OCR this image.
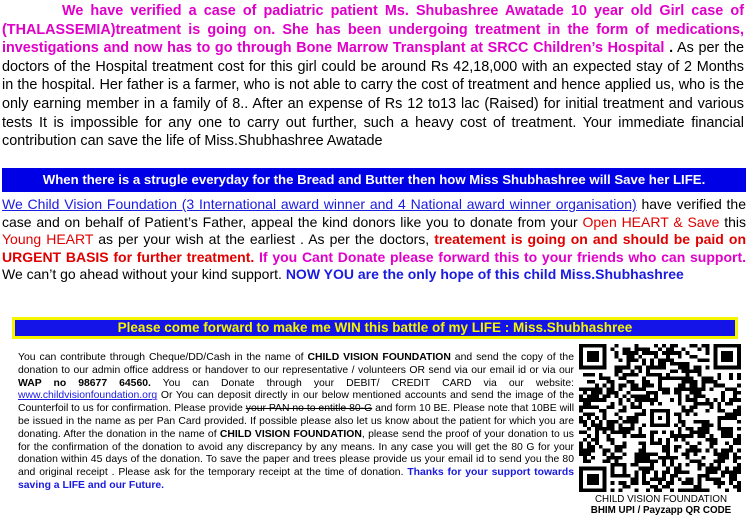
We have verified a case of padiatric patient Ms. Shubashree Awatade 10 year old Girl case of (THALASSEMIA)treatment is going on. She has been undergoing treatment in the form of medications, investigations and now has to go through Bone Marrow Transplant at SRCC Children’s Hospital . As per the doctors of the Hospital treatment cost for this girl could be around Rs 42,18,000 with an expected stay of 2 Months in the hospital. Her father is a farmer, who is not able to carry the cost of treatment and hence applied us, who is the only earning member in a family of 8.. After an expense of Rs 12 to13 lac (Raised) for initial treatment and various tests It is impossible for any one to carry out further, such a heavy cost of treatment. Your immediate financial contribution can save the life of Miss.Shubhashree Awatade
When there is a strugle everyday for the Bread and Butter then how Miss Shubhashree will Save her LIFE.
We Child Vision Foundation (3 International award winner and 4 National award winner organisation) have verified the case and on behalf of Patient’s Father, appeal the kind donors like you to donate from your Open HEART & Save this Young HEART as per your wish at the earliest . As per the doctors, treatement is going on and should be paid on URGENT BASIS for further treatment. If you Cant Donate please forward this to your friends who can support. We can’t go ahead without your kind support. NOW YOU are the only hope of this child Miss.Shubhashree
Please come forward to make me WIN this battle of my LIFE : Miss.Shubhashree
You can contribute through Cheque/DD/Cash in the name of CHILD VISION FOUNDATION and send the copy of the donation to our admin office address or handover to our representative / volunteers OR send via our email id or via our WAP no 98677 64560. You can Donate through your DEBIT/ CREDIT CARD via our website: www.childvisionfoundation.org Or You can deposit directly in our below mentioned accounts and send the image of the Counterfoil to us for confirmation. Please provide your PAN no to entitle 80-G and form 10 BE. Please note that 10BE will be issued in the name as per Pan Card provided. If possible please also let us know about the patient for which you are donating. After the donation in the name of CHILD VISION FOUNDATION, please send the proof of your donation to us for the confirmation of the donation to avoid any discrepancy by any means. In any case you will get the 80 G for your donation within 45 days of the donation. To save the paper and trees please provide us your email id to send you the 80 and original receipt . Please ask for the temporary receipt at the time of donation. Thanks for your support towards saving a LIFE and our Future.
CHILD VISION FOUNDATION
BHIM UPI / Payzapp QR CODE
